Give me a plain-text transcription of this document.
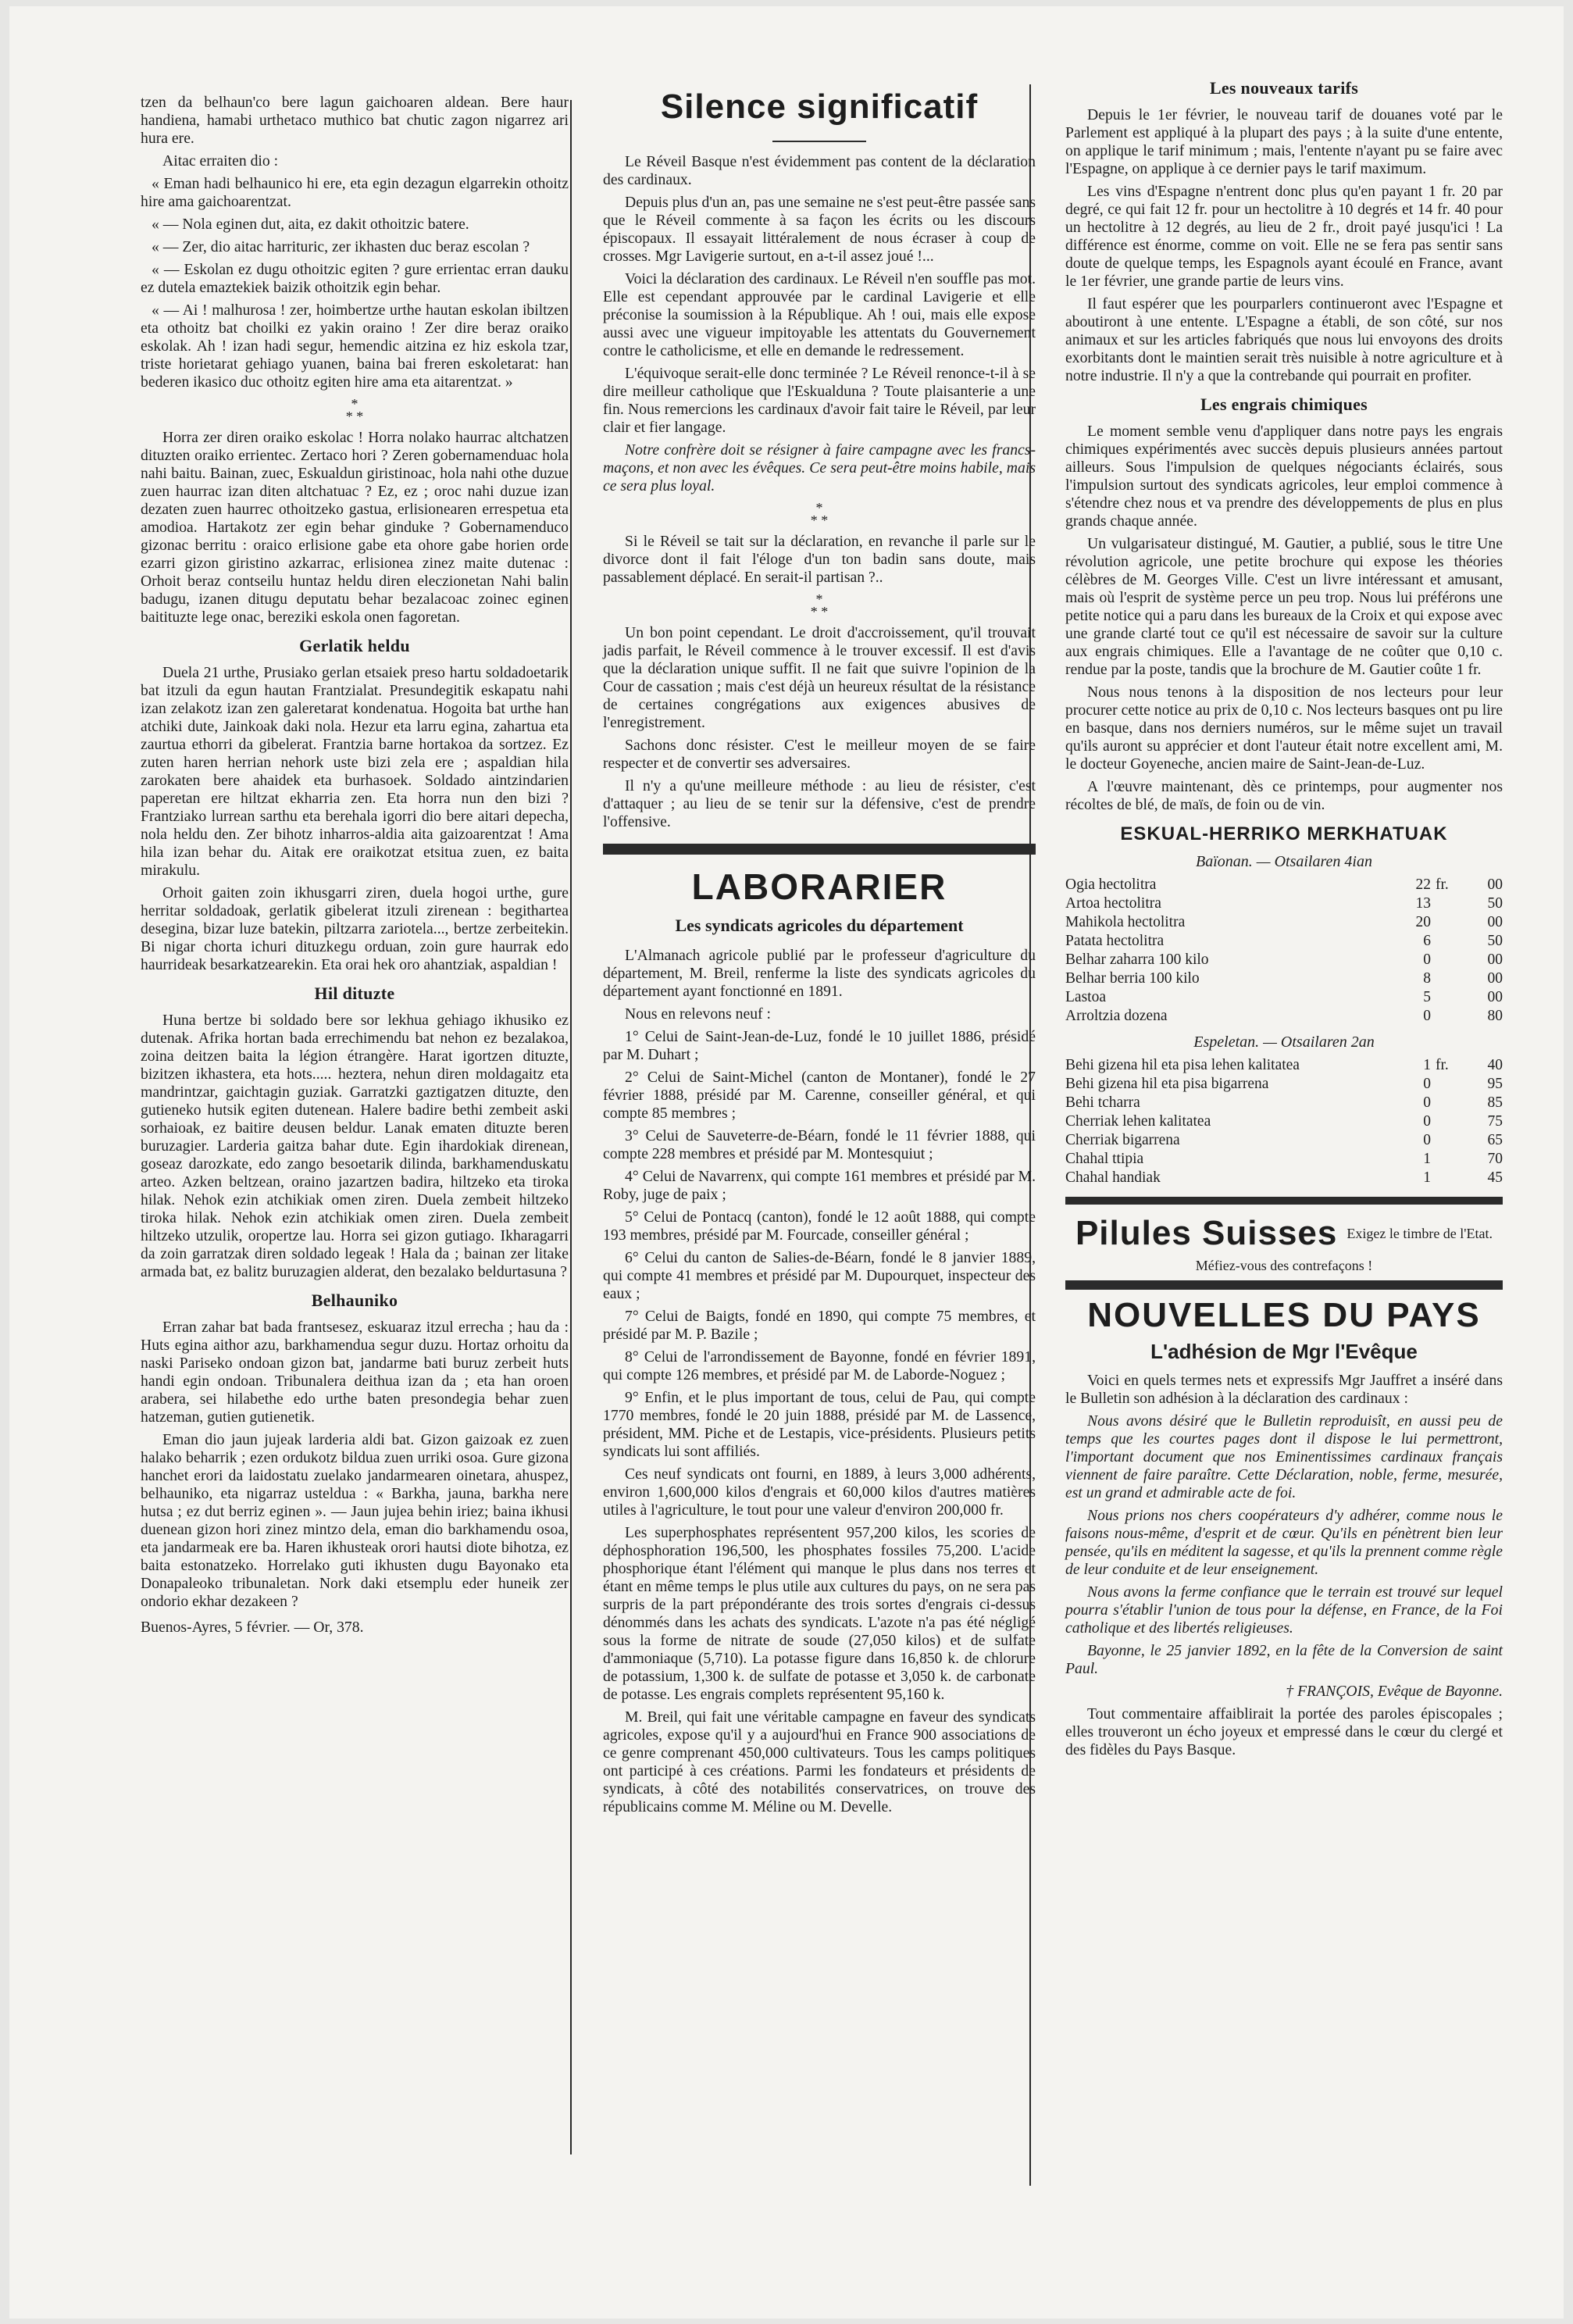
tzen da belhaun'co bere lagun gaichoaren aldean. Bere haur handiena, hamabi urthetaco muthico bat chutic zagon nigarrez ari hura ere.

Aitac erraiten dio :

« Eman hadi belhaunico hi ere, eta egin dezagun elgarrekin othoitz hire ama gaichoarentzat.

« — Nola eginen dut, aita, ez dakit othoitzic batere.

« — Zer, dio aitac harrituric, zer ikhasten duc beraz escolan ?

« — Eskolan ez dugu othoitzic egiten ? gure errientac erran dauku ez dutela emaztekiek baizik othoitzik egin behar.

« — Ai ! malhurosa ! zer, hoimbertze urthe hautan eskolan ibiltzen eta othoitz bat choilki ez yakin oraino ! Zer dire beraz oraiko eskolak. Ah ! izan hadi segur, hemendic aitzina ez hiz eskola tzar, triste horietarat gehiago yuanen, baina bai freren eskoletarat: han bederen ikasico duc othoitz egiten hire ama eta aitarentzat. »

*
* *

Horra zer diren oraiko eskolac ! Horra nolako haurrac altchatzen dituzten oraiko errientec. Zertaco hori ? Zeren gobernamenduac hola nahi baitu. Bainan, zuec, Eskualdun giristinoac, hola nahi othe duzue zuen haurrac izan diten altchatuac ? Ez, ez ; oroc nahi duzue izan dezaten zuen haurrec othoitzeko gastua, erlisionearen errespetua eta amodioa. Hartakotz zer egin behar ginduke ? Gobernamenduco gizonac berritu : oraico erlisione gabe eta ohore gabe horien orde ezarri gizon giristino azkarrac, erlisionea zinez maite dutenac : Orhoit beraz contseilu huntaz heldu diren eleczionetan Nahi balin badugu, izanen ditugu deputatu behar bezalacoac zoinec eginen baitituzte lege onac, bereziki eskola onen fagoretan.

Gerlatik heldu

Duela 21 urthe, Prusiako gerlan etsaiek preso hartu soldadoetarik bat itzuli da egun hautan Frantzialat. Presundegitik eskapatu nahi izan zelakotz izan zen galeretarat kondenatua. Hogoita bat urthe han atchiki dute, Jainkoak daki nola. Hezur eta larru egina, zahartua eta zaurtua ethorri da gibelerat. Frantzia barne hortakoa da sortzez. Ez zuten haren herrian nehork uste bizi zela ere ; aspaldian hila zarokaten bere ahaidek eta burhasoek. Soldado aintzindarien paperetan ere hiltzat ekharria zen. Eta horra nun den bizi ? Frantziako lurrean sarthu eta berehala igorri dio bere aitari depecha, nola heldu den. Zer bihotz inharros-aldia aita gaizoarentzat ! Ama hila izan behar du. Aitak ere oraikotzat etsitua zuen, ez baita mirakulu.

Orhoit gaiten zoin ikhusgarri ziren, duela hogoi urthe, gure herritar soldadoak, gerlatik gibelerat itzuli zirenean : begithartea desegina, bizar luze batekin, piltzarra zariotela..., bertze zerbeitekin. Bi nigar chorta ichuri dituzkegu orduan, zoin gure haurrak edo haurrideak besarkatzearekin. Eta orai hek oro ahantziak, aspaldian !

Hil dituzte

Huna bertze bi soldado bere sor lekhua gehiago ikhusiko ez dutenak. Afrika hortan bada errechimendu bat nehon ez bezalakoa, zoina deitzen baita la légion étrangère. Harat igortzen dituzte, bizitzen ikhastera, eta hots..... heztera, nehun diren moldagaitz eta mandrintzar, gaichtagin guziak. Garratzki gaztigatzen dituzte, den gutieneko hutsik egiten dutenean. Halere badire bethi zembeit aski sorhaioak, ez baitire deusen beldur. Lanak ematen dituzte beren buruzagier. Larderia gaitza bahar dute. Egin ihardokiak direnean, goseaz darozkate, edo zango besoetarik dilinda, barkhamenduskatu arteo. Azken beltzean, oraino jazartzen badira, hiltzeko eta tiroka hilak. Nehok ezin atchikiak omen ziren. Duela zembeit hiltzeko tiroka hilak. Nehok ezin atchikiak omen ziren. Duela zembeit hiltzeko utzulik, oropertze lau. Horra sei gizon gutiago. Ikharagarri da zoin garratzak diren soldado legeak ! Hala da ; bainan zer litake armada bat, ez balitz buruzagien alderat, den bezalako beldurtasuna ?

Belhauniko

Erran zahar bat bada frantsesez, eskuaraz itzul errecha ; hau da : Huts egina aithor azu, barkhamendua segur duzu. Hortaz orhoitu da naski Pariseko ondoan gizon bat, jandarme bati buruz zerbeit huts handi egin ondoan. Tribunalera deithua izan da ; eta han oroen arabera, sei hilabethe edo urthe baten presondegia behar zuen hatzeman, gutien gutienetik.

Eman dio jaun jujeak larderia aldi bat. Gizon gaizoak ez zuen halako beharrik ; ezen ordukotz bildua zuen urriki osoa. Gure gizona hanchet erori da laidostatu zuelako jandarmearen oinetara, ahuspez, belhauniko, eta nigarraz usteldua : « Barkha, jauna, barkha nere hutsa ; ez dut berriz eginen ». — Jaun jujea behin iriez; baina ikhusi duenean gizon hori zinez mintzo dela, eman dio barkhamendu osoa, eta jandarmeak ere ba. Haren ikhusteak orori hautsi diote bihotza, ez baita estonatzeko. Horrelako guti ikhusten dugu Bayonako eta Donapaleoko tribunaletan. Nork daki etsemplu eder huneik zer ondorio ekhar dezakeen ?

Buenos-Ayres, 5 février. — Or, 378.

Silence significatif

Le Réveil Basque n'est évidemment pas content de la déclaration des cardinaux.

Depuis plus d'un an, pas une semaine ne s'est peut-être passée sans que le Réveil commente à sa façon les écrits ou les discours épiscopaux. Il essayait littéralement de nous écraser à coup de crosses. Mgr Lavigerie surtout, en a-t-il assez joué !...

Voici la déclaration des cardinaux. Le Réveil n'en souffle pas mot. Elle est cependant approuvée par le cardinal Lavigerie et elle préconise la soumission à la République. Ah ! oui, mais elle expose aussi avec une vigueur impitoyable les attentats du Gouvernement contre le catholicisme, et elle en demande le redressement.

L'équivoque serait-elle donc terminée ? Le Réveil renonce-t-il à se dire meilleur catholique que l'Eskualduna ? Toute plaisanterie a une fin. Nous remercions les cardinaux d'avoir fait taire le Réveil, par leur clair et fier langage.

Notre confrère doit se résigner à faire campagne avec les francs-maçons, et non avec les évêques. Ce sera peut-être moins habile, mais ce sera plus loyal.

*
* *

Si le Réveil se tait sur la déclaration, en revanche il parle sur le divorce dont il fait l'éloge d'un ton badin sans doute, mais passablement déplacé. En serait-il partisan ?..

*
* *

Un bon point cependant. Le droit d'accroissement, qu'il trouvait jadis parfait, le Réveil commence à le trouver excessif. Il est d'avis que la déclaration unique suffit. Il ne fait que suivre l'opinion de la Cour de cassation ; mais c'est déjà un heureux résultat de la résistance de certaines congrégations aux exigences abusives de l'enregistrement.

Sachons donc résister. C'est le meilleur moyen de se faire respecter et de convertir ses adversaires.

Il n'y a qu'une meilleure méthode : au lieu de résister, c'est d'attaquer ; au lieu de se tenir sur la défensive, c'est de prendre l'offensive.

LABORARIER
Les syndicats agricoles du département

L'Almanach agricole publié par le professeur d'agriculture du département, M. Breil, renferme la liste des syndicats agricoles du département ayant fonctionné en 1891.

Nous en relevons neuf :

1° Celui de Saint-Jean-de-Luz, fondé le 10 juillet 1886, présidé par M. Duhart ;

2° Celui de Saint-Michel (canton de Montaner), fondé le 27 février 1888, présidé par M. Carenne, conseiller général, et qui compte 85 membres ;

3° Celui de Sauveterre-de-Béarn, fondé le 11 février 1888, qui compte 228 membres et présidé par M. Montesquiut ;

4° Celui de Navarrenx, qui compte 161 membres et présidé par M. Roby, juge de paix ;

5° Celui de Pontacq (canton), fondé le 12 août 1888, qui compte 193 membres, présidé par M. Fourcade, conseiller général ;

6° Celui du canton de Salies-de-Béarn, fondé le 8 janvier 1889, qui compte 41 membres et présidé par M. Dupourquet, inspecteur des eaux ;

7° Celui de Baigts, fondé en 1890, qui compte 75 membres, et présidé par M. P. Bazile ;

8° Celui de l'arrondissement de Bayonne, fondé en février 1891, qui compte 126 membres, et présidé par M. de Laborde-Noguez ;

9° Enfin, et le plus important de tous, celui de Pau, qui compte 1770 membres, fondé le 20 juin 1888, présidé par M. de Lassence, président, MM. Piche et de Lestapis, vice-présidents. Plusieurs petits syndicats lui sont affiliés.

Ces neuf syndicats ont fourni, en 1889, à leurs 3,000 adhérents, environ 1,600,000 kilos d'engrais et 60,000 kilos d'autres matières utiles à l'agriculture, le tout pour une valeur d'environ 200,000 fr.

Les superphosphates représentent 957,200 kilos, les scories de déphosphoration 196,500, les phosphates fossiles 75,200. L'acide phosphorique étant l'élément qui manque le plus dans nos terres et étant en même temps le plus utile aux cultures du pays, on ne sera pas surpris de la part prépondérante des trois sortes d'engrais ci-dessus dénommés dans les achats des syndicats. L'azote n'a pas été négligé sous la forme de nitrate de soude (27,050 kilos) et de sulfate d'ammoniaque (5,710). La potasse figure dans 16,850 k. de chlorure de potassium, 1,300 k. de sulfate de potasse et 3,050 k. de carbonate de potasse. Les engrais complets représentent 95,160 k.

M. Breil, qui fait une véritable campagne en faveur des syndicats agricoles, expose qu'il y a aujourd'hui en France 900 associations de ce genre comprenant 450,000 cultivateurs. Tous les camps politiques ont participé à ces créations. Parmi les fondateurs et présidents de syndicats, à côté des notabilités conservatrices, on trouve des républicains comme M. Méline ou M. Develle.

Les nouveaux tarifs

Depuis le 1er février, le nouveau tarif de douanes voté par le Parlement est appliqué à la plupart des pays ; à la suite d'une entente, on applique le tarif minimum ; mais, l'entente n'ayant pu se faire avec l'Espagne, on applique à ce dernier pays le tarif maximum.

Les vins d'Espagne n'entrent donc plus qu'en payant 1 fr. 20 par degré, ce qui fait 12 fr. pour un hectolitre à 10 degrés et 14 fr. 40 pour un hectolitre à 12 degrés, au lieu de 2 fr., droit payé jusqu'ici ! La différence est énorme, comme on voit. Elle ne se fera pas sentir sans doute de quelque temps, les Espagnols ayant écoulé en France, avant le 1er février, une grande partie de leurs vins.

Il faut espérer que les pourparlers continueront avec l'Espagne et aboutiront à une entente. L'Espagne a établi, de son côté, sur nos animaux et sur les articles fabriqués que nous lui envoyons des droits exorbitants dont le maintien serait très nuisible à notre agriculture et à notre industrie. Il n'y a que la contrebande qui pourrait en profiter.

Les engrais chimiques

Le moment semble venu d'appliquer dans notre pays les engrais chimiques expérimentés avec succès depuis plusieurs années partout ailleurs. Sous l'impulsion de quelques négociants éclairés, sous l'impulsion surtout des syndicats agricoles, leur emploi commence à s'étendre chez nous et va prendre des développements de plus en plus grands chaque année.

Un vulgarisateur distingué, M. Gautier, a publié, sous le titre Une révolution agricole, une petite brochure qui expose les théories célèbres de M. Georges Ville. C'est un livre intéressant et amusant, mais où l'esprit de système perce un peu trop. Nous lui préférons une petite notice qui a paru dans les bureaux de la Croix et qui expose avec une grande clarté tout ce qu'il est nécessaire de savoir sur la culture aux engrais chimiques. Elle a l'avantage de ne coûter que 0,10 c. rendue par la poste, tandis que la brochure de M. Gautier coûte 1 fr.

Nous nous tenons à la disposition de nos lecteurs pour leur procurer cette notice au prix de 0,10 c. Nos lecteurs basques ont pu lire en basque, dans nos derniers numéros, sur le même sujet un travail qu'ils auront su apprécier et dont l'auteur était notre excellent ami, M. le docteur Goyeneche, ancien maire de Saint-Jean-de-Luz.

A l'œuvre maintenant, dès ce printemps, pour augmenter nos récoltes de blé, de maïs, de foin ou de vin.

ESKUAL-HERRIKO MERKHATUAK
Baïonan. — Otsailaren 4ian
Ogia hectolitra	22 fr.	00
Artoa hectolitra	13	50
Mahikola hectolitra	20	00
Patata hectolitra	6	50
Belhar zaharra 100 kilo	0	00
Belhar berria 100 kilo	8	00
Lastoa	5	00
Arroltzia dozena	0	80
Espeletan. — Otsailaren 2an
Behi gizena hil eta pisa lehen kalitatea	1 fr.	40
Behi gizena hil eta pisa bigarrena	0	95
Behi tcharra	0	85
Cherriak lehen kalitatea	0	75
Cherriak bigarrena	0	65
Chahal ttipia	1	70
Chahal handiak	1	45
Pilules Suisses Exigez le timbre de l'Etat.
Méfiez-vous des contrefaçons !
NOUVELLES DU PAYS
L'adhésion de Mgr l'Evêque

Voici en quels termes nets et expressifs Mgr Jauffret a inséré dans le Bulletin son adhésion à la déclaration des cardinaux :

Nous avons désiré que le Bulletin reproduisît, en aussi peu de temps que les courtes pages dont il dispose le lui permettront, l'important document que nos Eminentissimes cardinaux français viennent de faire paraître. Cette Déclaration, noble, ferme, mesurée, est un grand et admirable acte de foi.

Nous prions nos chers coopérateurs d'y adhérer, comme nous le faisons nous-même, d'esprit et de cœur. Qu'ils en pénètrent bien leur pensée, qu'ils en méditent la sagesse, et qu'ils la prennent comme règle de leur conduite et de leur enseignement.

Nous avons la ferme confiance que le terrain est trouvé sur lequel pourra s'établir l'union de tous pour la défense, en France, de la Foi catholique et des libertés religieuses.

Bayonne, le 25 janvier 1892, en la fête de la Conversion de saint Paul.

† FRANÇOIS, Evêque de Bayonne.

Tout commentaire affaiblirait la portée des paroles épiscopales ; elles trouveront un écho joyeux et empressé dans le cœur du clergé et des fidèles du Pays Basque.
